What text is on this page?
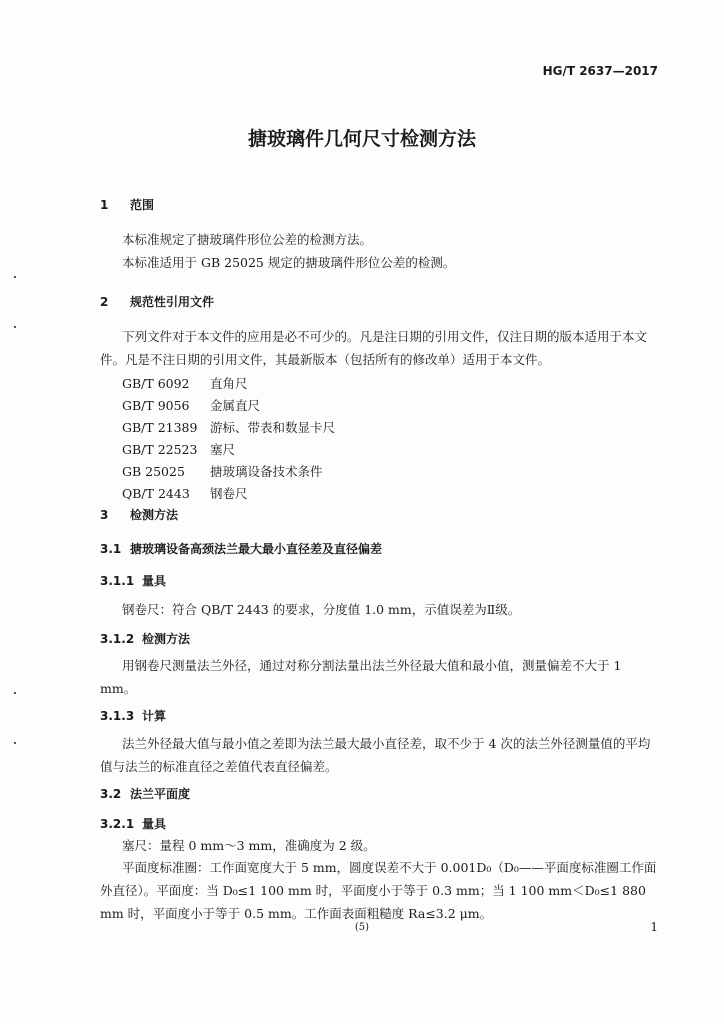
HG/T 2637—2017
搪玻璃件几何尺寸检测方法
1 范围
本标准规定了搪玻璃件形位公差的检测方法。
本标准适用于 GB 25025 规定的搪玻璃件形位公差的检测。
2 规范性引用文件
下列文件对于本文件的应用是必不可少的。凡是注日期的引用文件，仅注日期的版本适用于本文件。凡是不注日期的引用文件，其最新版本（包括所有的修改单）适用于本文件。
GB/T 6092 直角尺
GB/T 9056 金属直尺
GB/T 21389 游标、带表和数显卡尺
GB/T 22523 塞尺
GB 25025 搪玻璃设备技术条件
QB/T 2443 钢卷尺
3 检测方法
3.1 搪玻璃设备高颈法兰最大最小直径差及直径偏差
3.1.1 量具
钢卷尺：符合 QB/T 2443 的要求，分度值 1.0 mm，示值误差为Ⅱ级。
3.1.2 检测方法
用钢卷尺测量法兰外径，通过对称分割法量出法兰外径最大值和最小值，测量偏差不大于 1 mm。
3.1.3 计算
法兰外径最大值与最小值之差即为法兰最大最小直径差，取不少于 4 次的法兰外径测量值的平均值与法兰的标准直径之差值代表直径偏差。
3.2 法兰平面度
3.2.1 量具
塞尺：量程 0 mm～3 mm，准确度为 2 级。
平面度标准圈：工作面宽度大于 5 mm，圆度误差不大于 0.001D₀（D₀——平面度标准圈工作面外直径）。平面度：当 D₀≤1 100 mm 时，平面度小于等于 0.3 mm；当 1 100 mm＜D₀≤1 880 mm 时，平面度小于等于 0.5 mm。工作面表面粗糙度 Ra≤3.2 μm。
(5)	1
